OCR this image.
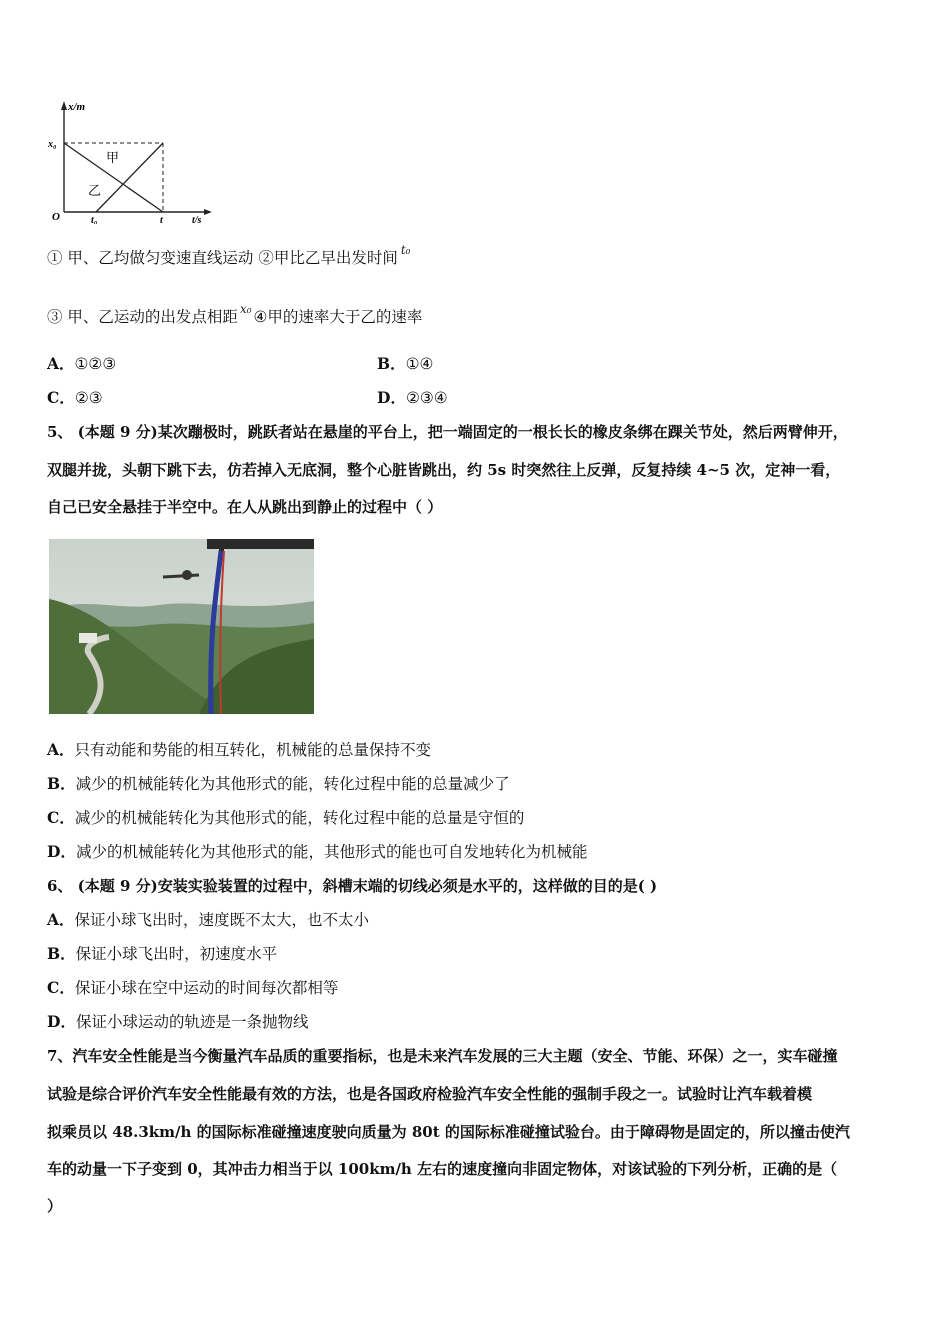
x/m
t/s
O
x₀
t₀	t
甲
乙
① 甲、乙均做匀变速直线运动 ②甲比乙早出发时间 $^{t_0}$
③ 甲、乙运动的出发点相距 $^{x_0}$ ④甲的速率大于乙的速率
A．①②③	B．①④
C．②③	D．②③④
5、 (本题 9 分)某次蹦极时，跳跃者站在悬崖的平台上，把一端固定的一根长长的橡皮条绑在踝关节处，然后两臂伸开，
双腿并拢，头朝下跳下去，仿若掉入无底洞，整个心脏皆跳出，约 5s 时突然往上反弹，反复持续 4~5 次，定神一看，
自己已安全悬挂于半空中。在人从跳出到静止的过程中（ ）
A．只有动能和势能的相互转化，机械能的总量保持不变
B．减少的机械能转化为其他形式的能，转化过程中能的总量减少了
C．减少的机械能转化为其他形式的能，转化过程中能的总量是守恒的
D．减少的机械能转化为其他形式的能，其他形式的能也可自发地转化为机械能
6、 (本题 9 分)安装实验装置的过程中，斜槽末端的切线必须是水平的，这样做的目的是( )
A．保证小球飞出时，速度既不太大，也不太小
B．保证小球飞出时，初速度水平
C．保证小球在空中运动的时间每次都相等
D．保证小球运动的轨迹是一条抛物线
7、汽车安全性能是当今衡量汽车品质的重要指标，也是未来汽车发展的三大主题（安全、节能、环保）之一，实车碰撞
试验是综合评价汽车安全性能最有效的方法，也是各国政府检验汽车安全性能的强制手段之一。试验时让汽车载着模
拟乘员以 48.3km/h 的国际标准碰撞速度驶向质量为 80t 的国际标准碰撞试验台。由于障碍物是固定的，所以撞击使汽
车的动量一下子变到 0，其冲击力相当于以 100km/h 左右的速度撞向非固定物体，对该试验的下列分析，正确的是（
）
